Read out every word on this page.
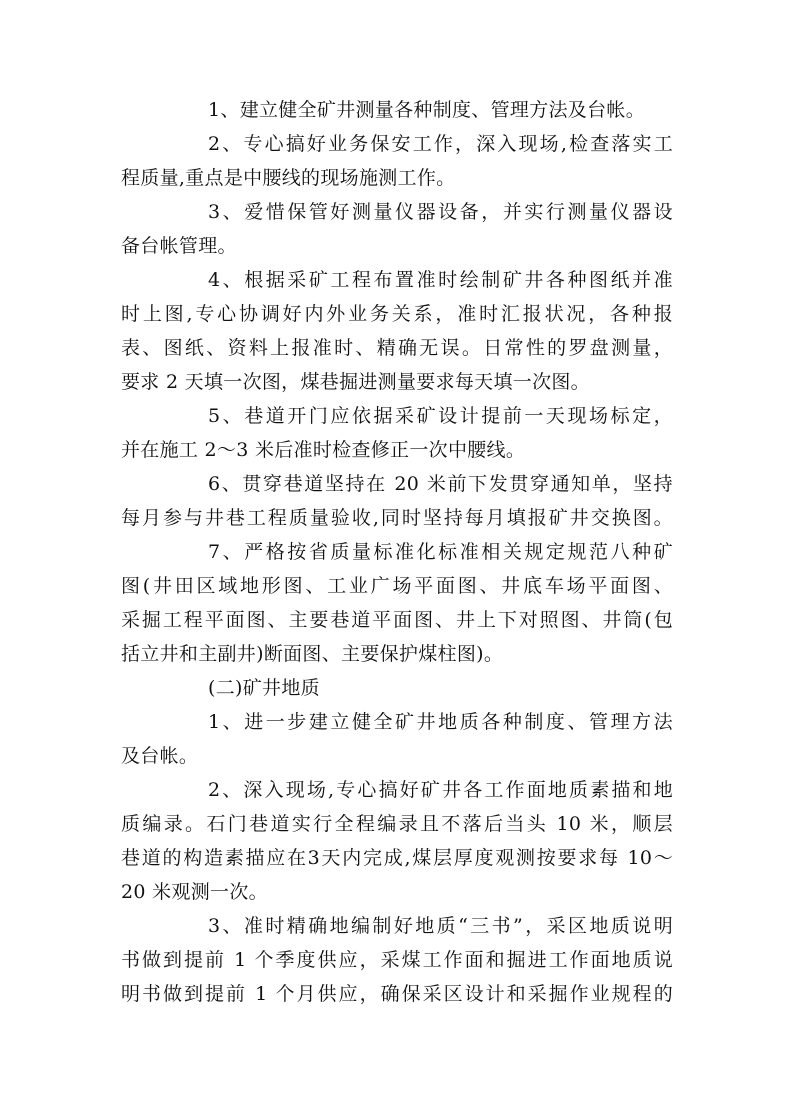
1、建立健全矿井测量各种制度、管理方法及台帐。
2、专心搞好业务保安工作，深入现场,检查落实工
程质量,重点是中腰线的现场施测工作。
3、爱惜保管好测量仪器设备，并实行测量仪器设
备台帐管理。
4、根据采矿工程布置准时绘制矿井各种图纸并准
时上图,专心协调好内外业务关系，准时汇报状况，各种报
表、图纸、资料上报准时、精确无误。日常性的罗盘测量，
要求 2 天填一次图，煤巷掘进测量要求每天填一次图。
5、巷道开门应依据采矿设计提前一天现场标定，
并在施工 2～3 米后准时检查修正一次中腰线。
6、贯穿巷道坚持在 20 米前下发贯穿通知单，坚持
每月参与井巷工程质量验收,同时坚持每月填报矿井交换图。
7、严格按省质量标准化标准相关规定规范八种矿
图(井田区域地形图、工业广场平面图、井底车场平面图、
采掘工程平面图、主要巷道平面图、井上下对照图、井筒(包
括立井和主副井)断面图、主要保护煤柱图)。
(二)矿井地质
1、进一步建立健全矿井地质各种制度、管理方法
及台帐。
2、深入现场,专心搞好矿井各工作面地质素描和地
质编录。石门巷道实行全程编录且不落后当头 10 米，顺层
巷道的构造素描应在3天内完成,煤层厚度观测按要求每 10～
20 米观测一次。
3、准时精确地编制好地质“三书”，采区地质说明
书做到提前 1 个季度供应，采煤工作面和掘进工作面地质说
明书做到提前 1 个月供应，确保采区设计和采掘作业规程的
